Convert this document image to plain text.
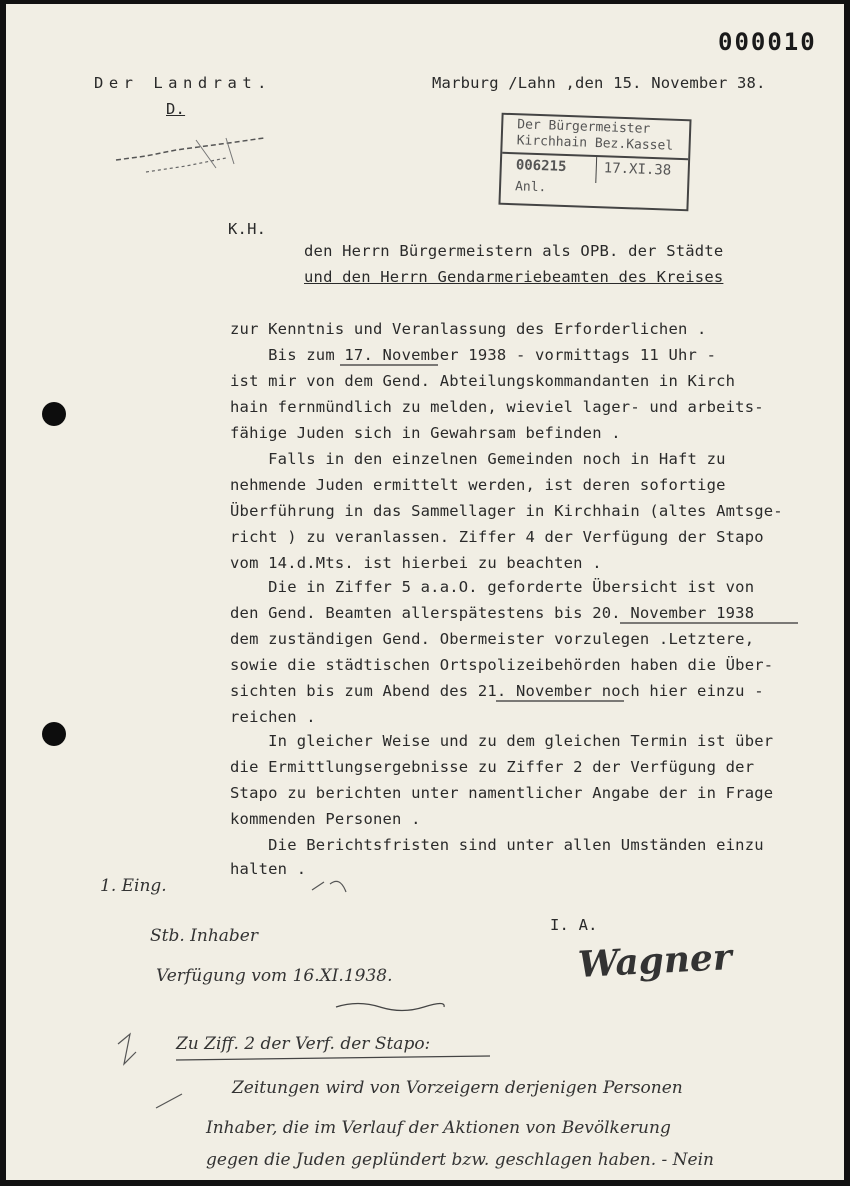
000010
Der Landrat.
D.
Marburg /Lahn ,den 15. November 38.
Der Bürgermeister
Kirchhain Bez.Kassel
006215	17.XI.38
Anl.
K.H.
den Herrn Bürgermeistern als OPB. der Städte
und den Herrn Gendarmeriebeamten des Kreises
zur Kenntnis und Veranlassung des Erforderlichen .
Bis zum 17. November 1938 - vormittags 11 Uhr -
ist mir von dem Gend. Abteilungskommandanten in Kirch
hain fernmündlich zu melden, wieviel lager- und arbeits-
fähige Juden sich in Gewahrsam befinden .
Falls in den einzelnen Gemeinden noch in Haft zu
nehmende Juden ermittelt werden, ist deren sofortige
Überführung in das Sammellager in Kirchhain (altes Amtsge-
richt ) zu veranlassen. Ziffer 4 der Verfügung der Stapo
vom 14.d.Mts. ist hierbei zu beachten .
Die in Ziffer 5 a.a.O. geforderte Übersicht ist von
den Gend. Beamten allerspätestens bis 20. November 1938
dem zuständigen Gend. Obermeister vorzulegen .Letztere,
sowie die städtischen Ortspolizeibehörden haben die Über-
sichten bis zum Abend des 21. November noch hier einzu -
reichen .
In gleicher Weise und zu dem gleichen Termin ist über
die Ermittlungsergebnisse zu Ziffer 2 der Verfügung der
Stapo zu berichten unter namentlicher Angabe der in Frage
kommenden Personen .
Die Berichtsfristen sind unter allen Umständen einzu
halten .
I. A.
Wagner
1. Eing.
Stb. Inhaber
Verfügung vom 16.XI.1938.
Zu Ziff. 2 der Verf. der Stapo:
Zeitungen wird von Vorzeigern derjenigen Personen
Inhaber, die im Verlauf der Aktionen von Bevölkerung
gegen die Juden geplündert bzw. geschlagen haben. - Nein
